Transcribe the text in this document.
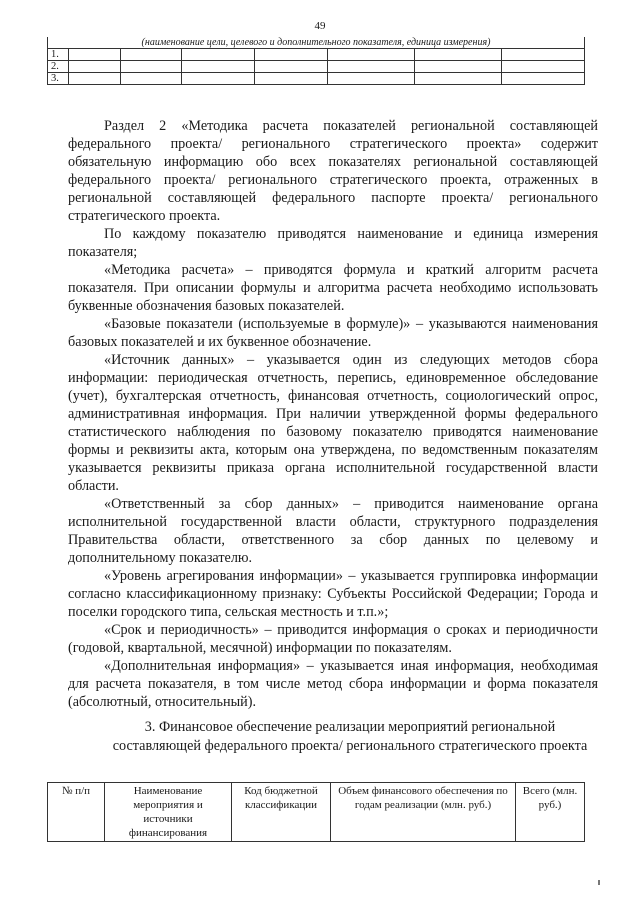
49
(наименование цели, целевого и дополнительного показателя, единица измерения)							
1.							
2.							
3.							

Раздел 2 «Методика расчета показателей региональной составляющей федерального проекта/ регионального стратегического проекта» содержит обязательную информацию обо всех показателях региональной составляющей федерального проекта/ регионального стратегического проекта, отраженных в региональной составляющей федерального паспорте проекта/ регионального стратегического проекта.

По каждому показателю приводятся наименование и единица измерения показателя;

«Методика расчета» – приводятся формула и краткий алгоритм расчета показателя. При описании формулы и алгоритма расчета необходимо использовать буквенные обозначения базовых показателей.

«Базовые показатели (используемые в формуле)» – указываются наименования базовых показателей и их буквенное обозначение.

«Источник данных» – указывается один из следующих методов сбора информации: периодическая отчетность, перепись, единовременное обследование (учет), бухгалтерская отчетность, финансовая отчетность, социологический опрос, административная информация. При наличии утвержденной формы федерального статистического наблюдения по базовому показателю приводятся наименование формы и реквизиты акта, которым она утверждена, по ведомственным показателям указывается реквизиты приказа органа исполнительной государственной власти области.

«Ответственный за сбор данных» – приводится наименование органа исполнительной государственной власти области, структурного подразделения Правительства области, ответственного за сбор данных по целевому и дополнительному показателю.

«Уровень агрегирования информации» – указывается группировка информации согласно классификационному признаку: Субъекты Российской Федерации; Города и поселки городского типа, сельская местность и т.п.»;

«Срок и периодичность» – приводится информация о сроках и периодичности (годовой, квартальной, месячной) информации по показателям.

«Дополнительная информация» – указывается иная информация, необходимая для расчета показателя, в том числе метод сбора информации и форма показателя (абсолютный, относительный).

3. Финансовое обеспечение реализации мероприятий региональной составляющей федерального проекта/ регионального стратегического проекта
№ п/п	Наименование мероприятия и источники финансирования	Код бюджетной классификации	Объем финансового обеспечения по годам реализации (млн. руб.)	Всего (млн. руб.)
